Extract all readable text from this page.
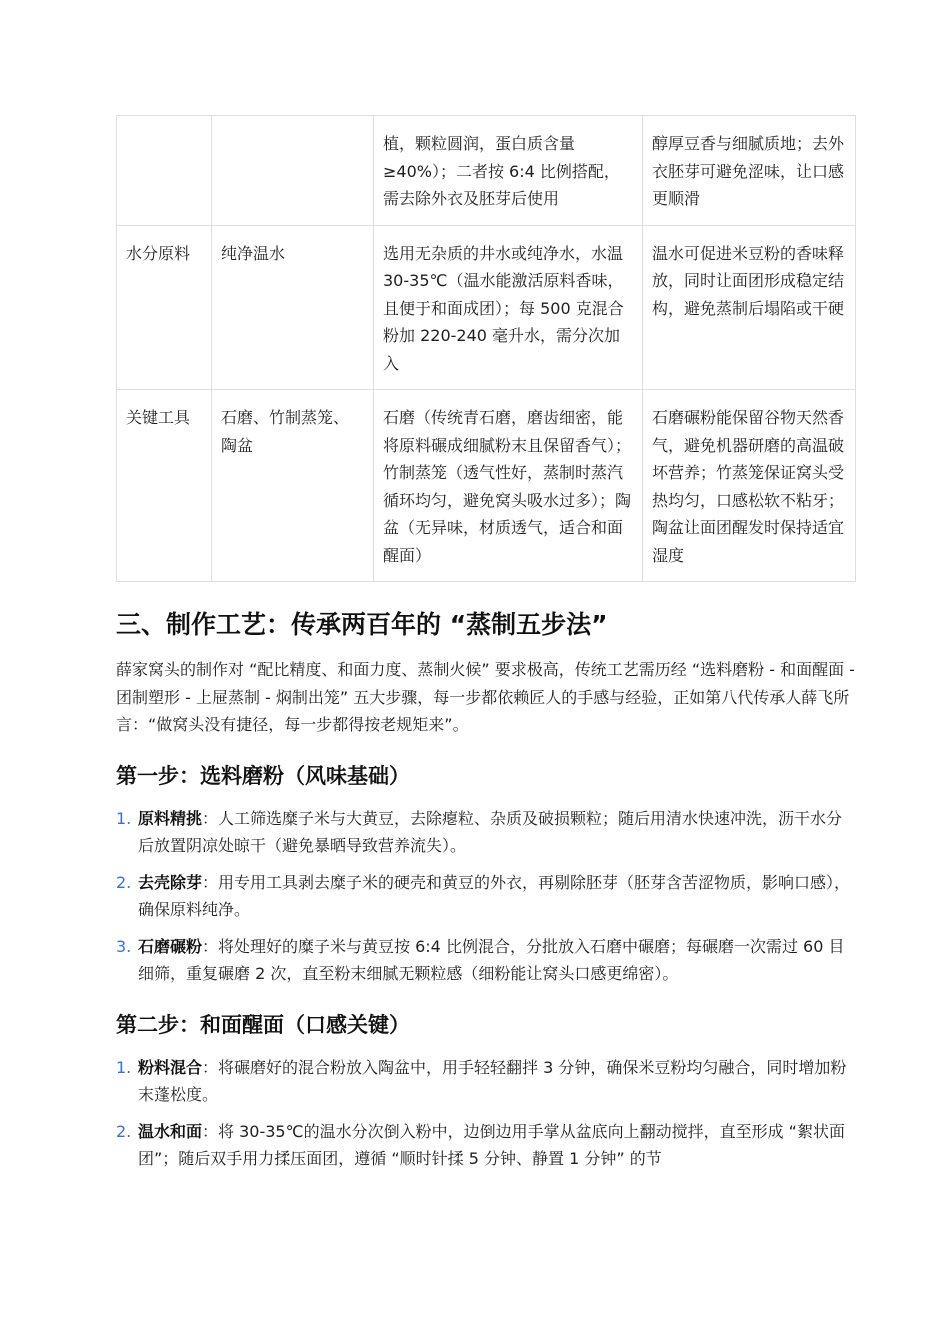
		植，颗粒圆润，蛋白质含量≥40%）；二者按 6:4 比例搭配，需去除外衣及胚芽后使用	醇厚豆香与细腻质地；去外衣胚芽可避免涩味，让口感更顺滑
水分原料	纯净温水	选用无杂质的井水或纯净水，水温 30-35℃（温水能激活原料香味，且便于和面成团）；每 500 克混合粉加 220-240 毫升水，需分次加入	温水可促进米豆粉的香味释放，同时让面团形成稳定结构，避免蒸制后塌陷或干硬
关键工具	石磨、竹制蒸笼、陶盆	石磨（传统青石磨，磨齿细密，能将原料碾成细腻粉末且保留香气）；竹制蒸笼（透气性好，蒸制时蒸汽循环均匀，避免窝头吸水过多）；陶盆（无异味，材质透气，适合和面醒面）	石磨碾粉能保留谷物天然香气，避免机器研磨的高温破坏营养；竹蒸笼保证窝头受热均匀，口感松软不粘牙；陶盆让面团醒发时保持适宜湿度
三、制作工艺：传承两百年的 “蒸制五步法”

薛家窝头的制作对 “配比精度、和面力度、蒸制火候” 要求极高，传统工艺需历经 “选料磨粉 - 和面醒面 - 团制塑形 - 上屉蒸制 - 焖制出笼” 五大步骤，每一步都依赖匠人的手感与经验，正如第八代传承人薛飞所言：“做窝头没有捷径，每一步都得按老规矩来”。

第一步：选料磨粉（风味基础）
1. 原料精挑：人工筛选糜子米与大黄豆，去除瘪粒、杂质及破损颗粒；随后用清水快速冲洗，沥干水分后放置阴凉处晾干（避免暴晒导致营养流失）。
2. 去壳除芽：用专用工具剥去糜子米的硬壳和黄豆的外衣，再剔除胚芽（胚芽含苦涩物质，影响口感），确保原料纯净。
3. 石磨碾粉：将处理好的糜子米与黄豆按 6:4 比例混合，分批放入石磨中碾磨；每碾磨一次需过 60 目细筛，重复碾磨 2 次，直至粉末细腻无颗粒感（细粉能让窝头口感更绵密）。
第二步：和面醒面（口感关键）
1. 粉料混合：将碾磨好的混合粉放入陶盆中，用手轻轻翻拌 3 分钟，确保米豆粉均匀融合，同时增加粉末蓬松度。
2. 温水和面：将 30-35℃的温水分次倒入粉中，边倒边用手掌从盆底向上翻动搅拌，直至形成 “絮状面团”；随后双手用力揉压面团，遵循 “顺时针揉 5 分钟、静置 1 分钟” 的节
